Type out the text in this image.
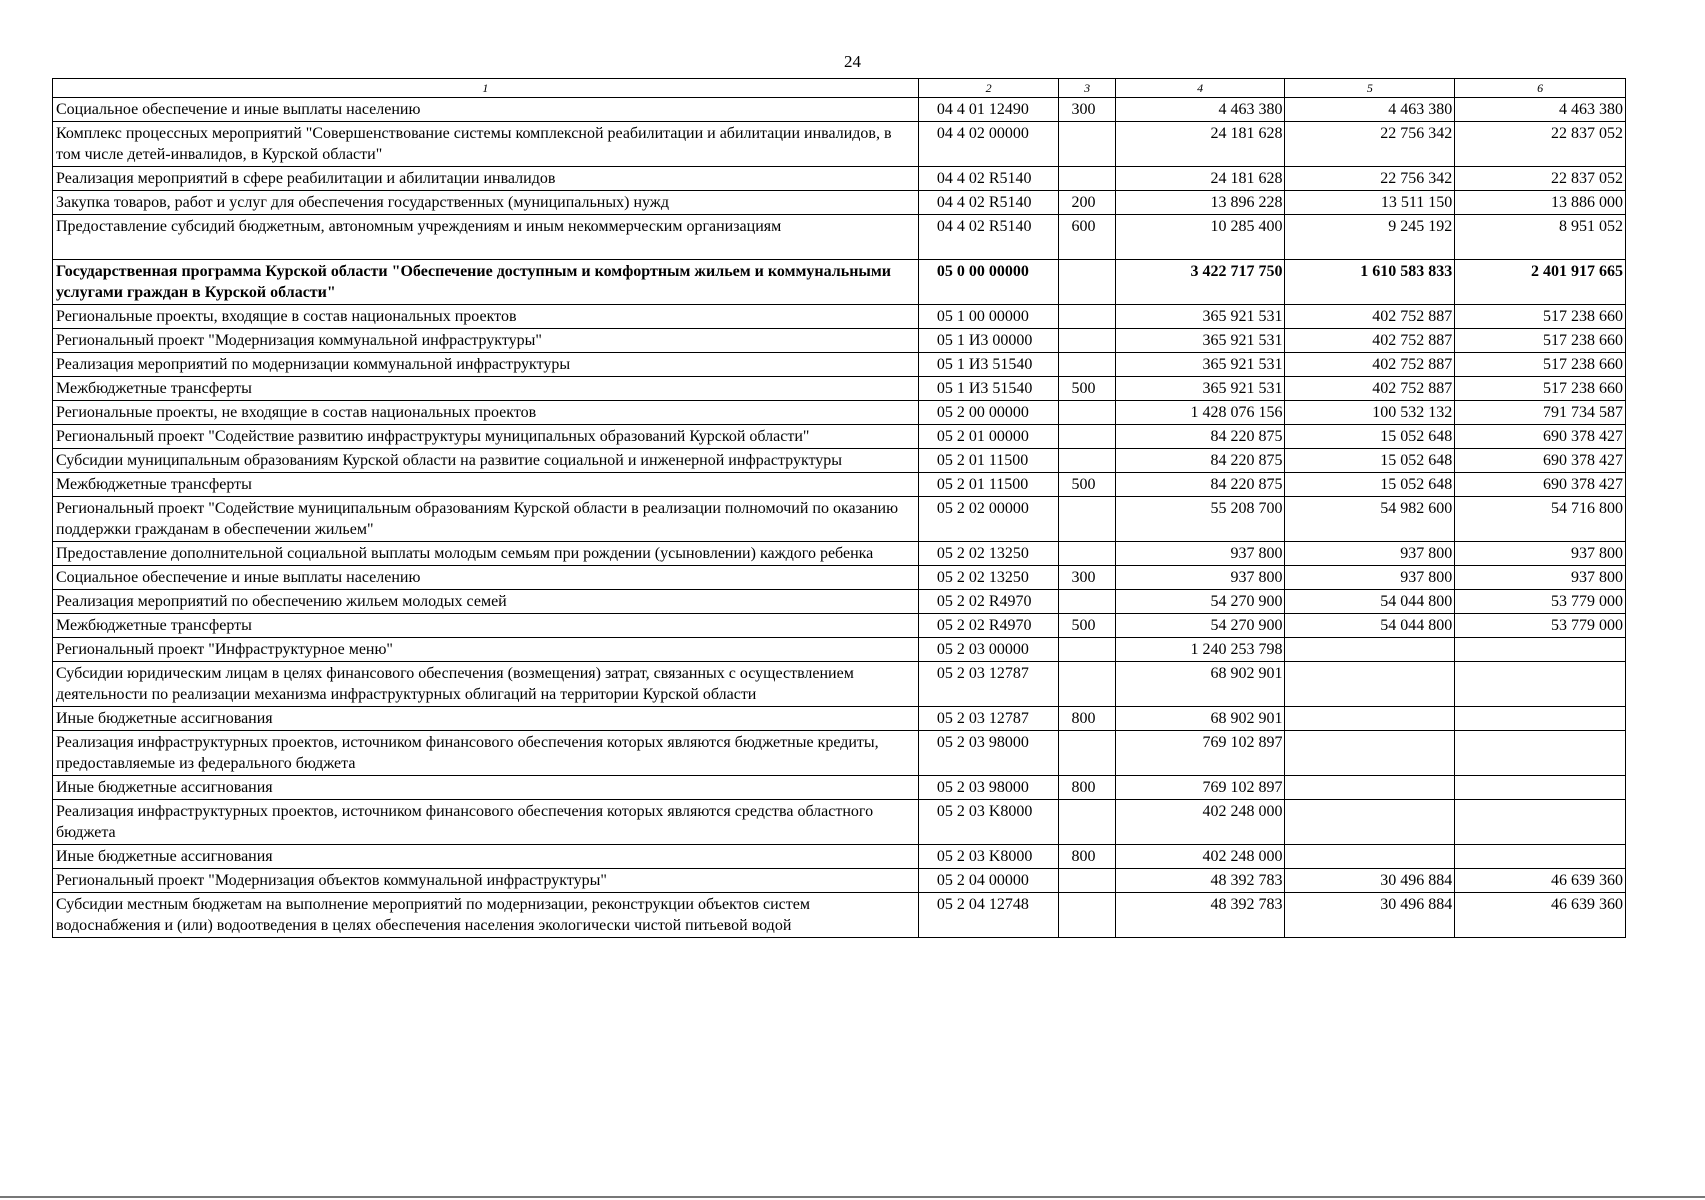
24
1	2	3	4	5	6
Социальное обеспечение и иные выплаты населению	04 4 01 12490	300	4 463 380	4 463 380	4 463 380
Комплекс процессных мероприятий "Совершенствование системы комплексной реабилитации и абилитации инвалидов, в том числе детей-инвалидов, в Курской области"	04 4 02 00000		24 181 628	22 756 342	22 837 052
Реализация мероприятий в сфере реабилитации и абилитации инвалидов	04 4 02 R5140		24 181 628	22 756 342	22 837 052
Закупка товаров, работ и услуг для обеспечения государственных (муниципальных) нужд	04 4 02 R5140	200	13 896 228	13 511 150	13 886 000
Предоставление субсидий бюджетным, автономным учреждениям и иным некоммерческим организациям	04 4 02 R5140	600	10 285 400	9 245 192	8 951 052
Государственная программа Курской области "Обеспечение доступным и комфортным жильем и коммунальными услугами граждан в Курской области"	05 0 00 00000		3 422 717 750	1 610 583 833	2 401 917 665
Региональные проекты, входящие в состав национальных проектов	05 1 00 00000		365 921 531	402 752 887	517 238 660
Региональный проект "Модернизация коммунальной инфраструктуры"	05 1 И3 00000		365 921 531	402 752 887	517 238 660
Реализация мероприятий по модернизации коммунальной инфраструктуры	05 1 И3 51540		365 921 531	402 752 887	517 238 660
Межбюджетные трансферты	05 1 И3 51540	500	365 921 531	402 752 887	517 238 660
Региональные проекты, не входящие в состав национальных проектов	05 2 00 00000		1 428 076 156	100 532 132	791 734 587
Региональный проект "Содействие развитию инфраструктуры муниципальных образований Курской области"	05 2 01 00000		84 220 875	15 052 648	690 378 427
Субсидии муниципальным образованиям Курской области на развитие социальной и инженерной инфраструктуры	05 2 01 11500		84 220 875	15 052 648	690 378 427
Межбюджетные трансферты	05 2 01 11500	500	84 220 875	15 052 648	690 378 427
Региональный проект "Содействие муниципальным образованиям Курской области в реализации полномочий по оказанию поддержки гражданам в обеспечении жильем"	05 2 02 00000		55 208 700	54 982 600	54 716 800
Предоставление дополнительной социальной выплаты молодым семьям при рождении (усыновлении) каждого ребенка	05 2 02 13250		937 800	937 800	937 800
Социальное обеспечение и иные выплаты населению	05 2 02 13250	300	937 800	937 800	937 800
Реализация мероприятий по обеспечению жильем молодых семей	05 2 02 R4970		54 270 900	54 044 800	53 779 000
Межбюджетные трансферты	05 2 02 R4970	500	54 270 900	54 044 800	53 779 000
Региональный проект "Инфраструктурное меню"	05 2 03 00000		1 240 253 798		
Субсидии юридическим лицам в целях финансового обеспечения (возмещения) затрат, связанных с осуществлением деятельности по реализации механизма инфраструктурных облигаций на территории Курской области	05 2 03 12787		68 902 901		
Иные бюджетные ассигнования	05 2 03 12787	800	68 902 901		
Реализация инфраструктурных проектов, источником финансового обеспечения которых являются бюджетные кредиты, предоставляемые из федерального бюджета	05 2 03 98000		769 102 897		
Иные бюджетные ассигнования	05 2 03 98000	800	769 102 897		
Реализация инфраструктурных проектов, источником финансового обеспечения которых являются средства областного бюджета	05 2 03 K8000		402 248 000		
Иные бюджетные ассигнования	05 2 03 K8000	800	402 248 000		
Региональный проект "Модернизация объектов коммунальной инфраструктуры"	05 2 04 00000		48 392 783	30 496 884	46 639 360
Субсидии местным бюджетам на выполнение мероприятий по модернизации, реконструкции объектов систем водоснабжения и (или) водоотведения в целях обеспечения населения экологически чистой питьевой водой	05 2 04 12748		48 392 783	30 496 884	46 639 360
